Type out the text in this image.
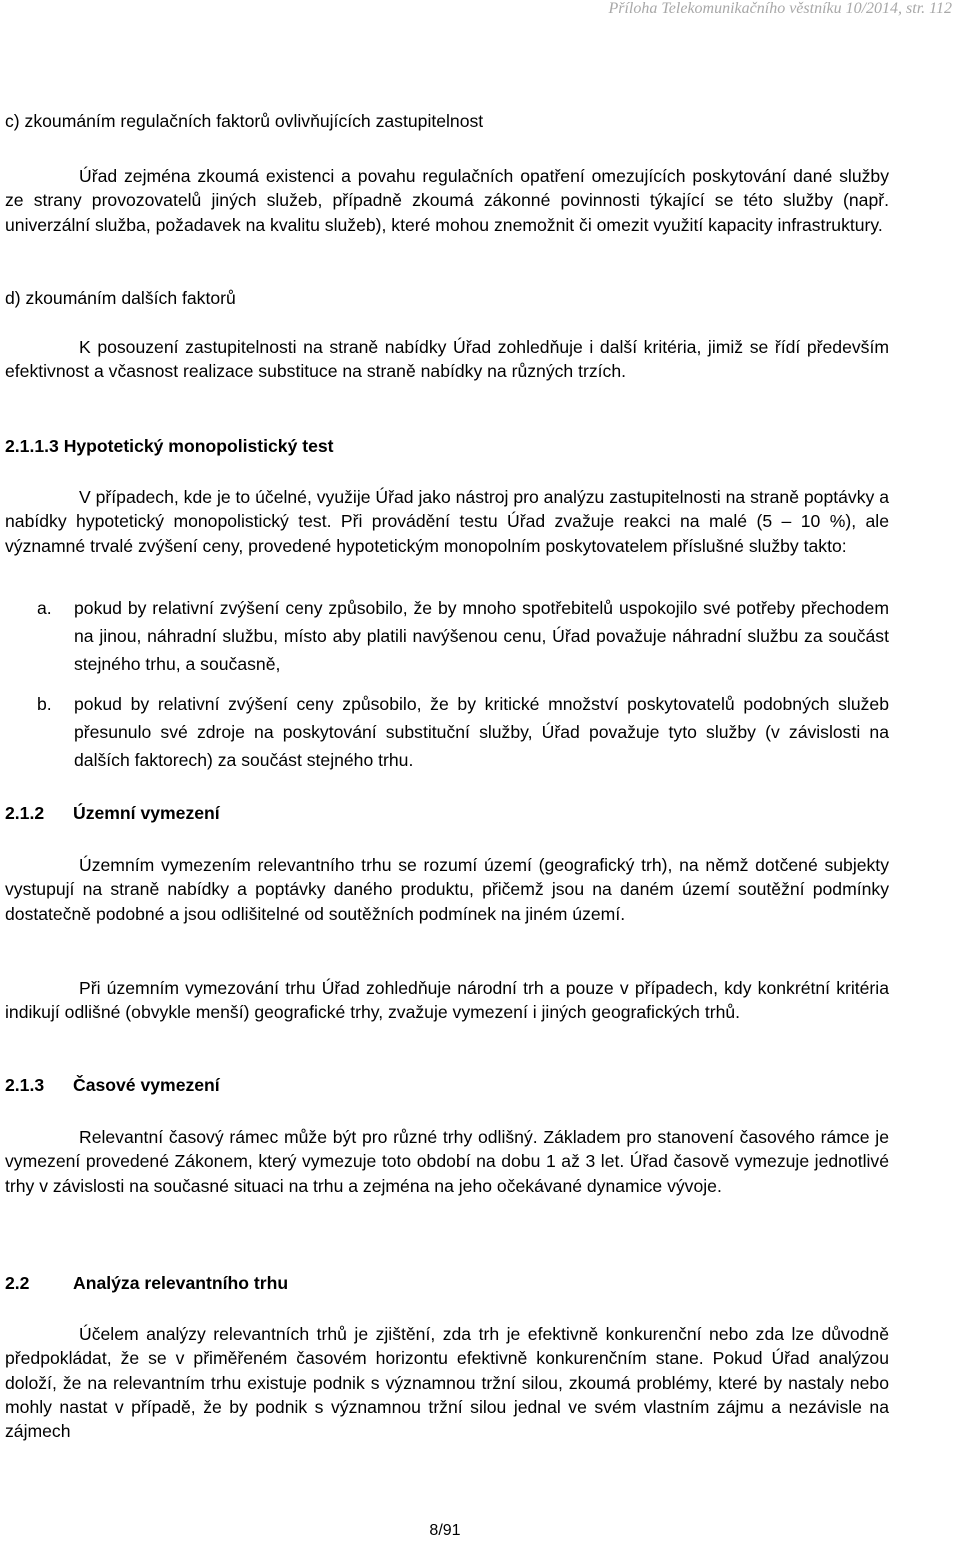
Příloha Telekomunikačního věstníku 10/2014, str. 112
c) zkoumáním regulačních faktorů ovlivňujících zastupitelnost
Úřad zejména zkoumá existenci a povahu regulačních opatření omezujících poskytování dané služby ze strany provozovatelů jiných služeb, případně zkoumá zákonné povinnosti týkající se této služby (např. univerzální služba, požadavek na kvalitu služeb), které mohou znemožnit či omezit využití kapacity infrastruktury.
d) zkoumáním dalších faktorů
K posouzení zastupitelnosti na straně nabídky Úřad zohledňuje i další kritéria, jimiž se řídí především efektivnost a včasnost realizace substituce na straně nabídky na různých trzích.
2.1.1.3 Hypotetický monopolistický test
V případech, kde je to účelné, využije Úřad jako nástroj pro analýzu zastupitelnosti na straně poptávky a nabídky hypotetický monopolistický test. Při provádění testu Úřad zvažuje reakci na malé (5 – 10 %), ale významné trvalé zvýšení ceny, provedené hypotetickým monopolním poskytovatelem příslušné služby takto:
a. pokud by relativní zvýšení ceny způsobilo, že by mnoho spotřebitelů uspokojilo své potřeby přechodem na jinou, náhradní službu, místo aby platili navýšenou cenu, Úřad považuje náhradní službu za součást stejného trhu, a současně,
b. pokud by relativní zvýšení ceny způsobilo, že by kritické množství poskytovatelů podobných služeb přesunulo své zdroje na poskytování substituční služby, Úřad považuje tyto služby (v závislosti na dalších faktorech) za součást stejného trhu.
2.1.2 Územní vymezení
Územním vymezením relevantního trhu se rozumí území (geografický trh), na němž dotčené subjekty vystupují na straně nabídky a poptávky daného produktu, přičemž jsou na daném území soutěžní podmínky dostatečně podobné a jsou odlišitelné od soutěžních podmínek na jiném území.
Při územním vymezování trhu Úřad zohledňuje národní trh a pouze v případech, kdy konkrétní kritéria indikují odlišné (obvykle menší) geografické trhy, zvažuje vymezení i jiných geografických trhů.
2.1.3 Časové vymezení
Relevantní časový rámec může být pro různé trhy odlišný. Základem pro stanovení časového rámce je vymezení provedené Zákonem, který vymezuje toto období na dobu 1 až 3 let. Úřad časově vymezuje jednotlivé trhy v závislosti na současné situaci na trhu a zejména na jeho očekávané dynamice vývoje.
2.2 Analýza relevantního trhu
Účelem analýzy relevantních trhů je zjištění, zda trh je efektivně konkurenční nebo zda lze důvodně předpokládat, že se v přiměřeném časovém horizontu efektivně konkurenčním stane. Pokud Úřad analýzou doloží, že na relevantním trhu existuje podnik s významnou tržní silou, zkoumá problémy, které by nastaly nebo mohly nastat v případě, že by podnik s významnou tržní silou jednal ve svém vlastním zájmu a nezávisle na zájmech
8/91
